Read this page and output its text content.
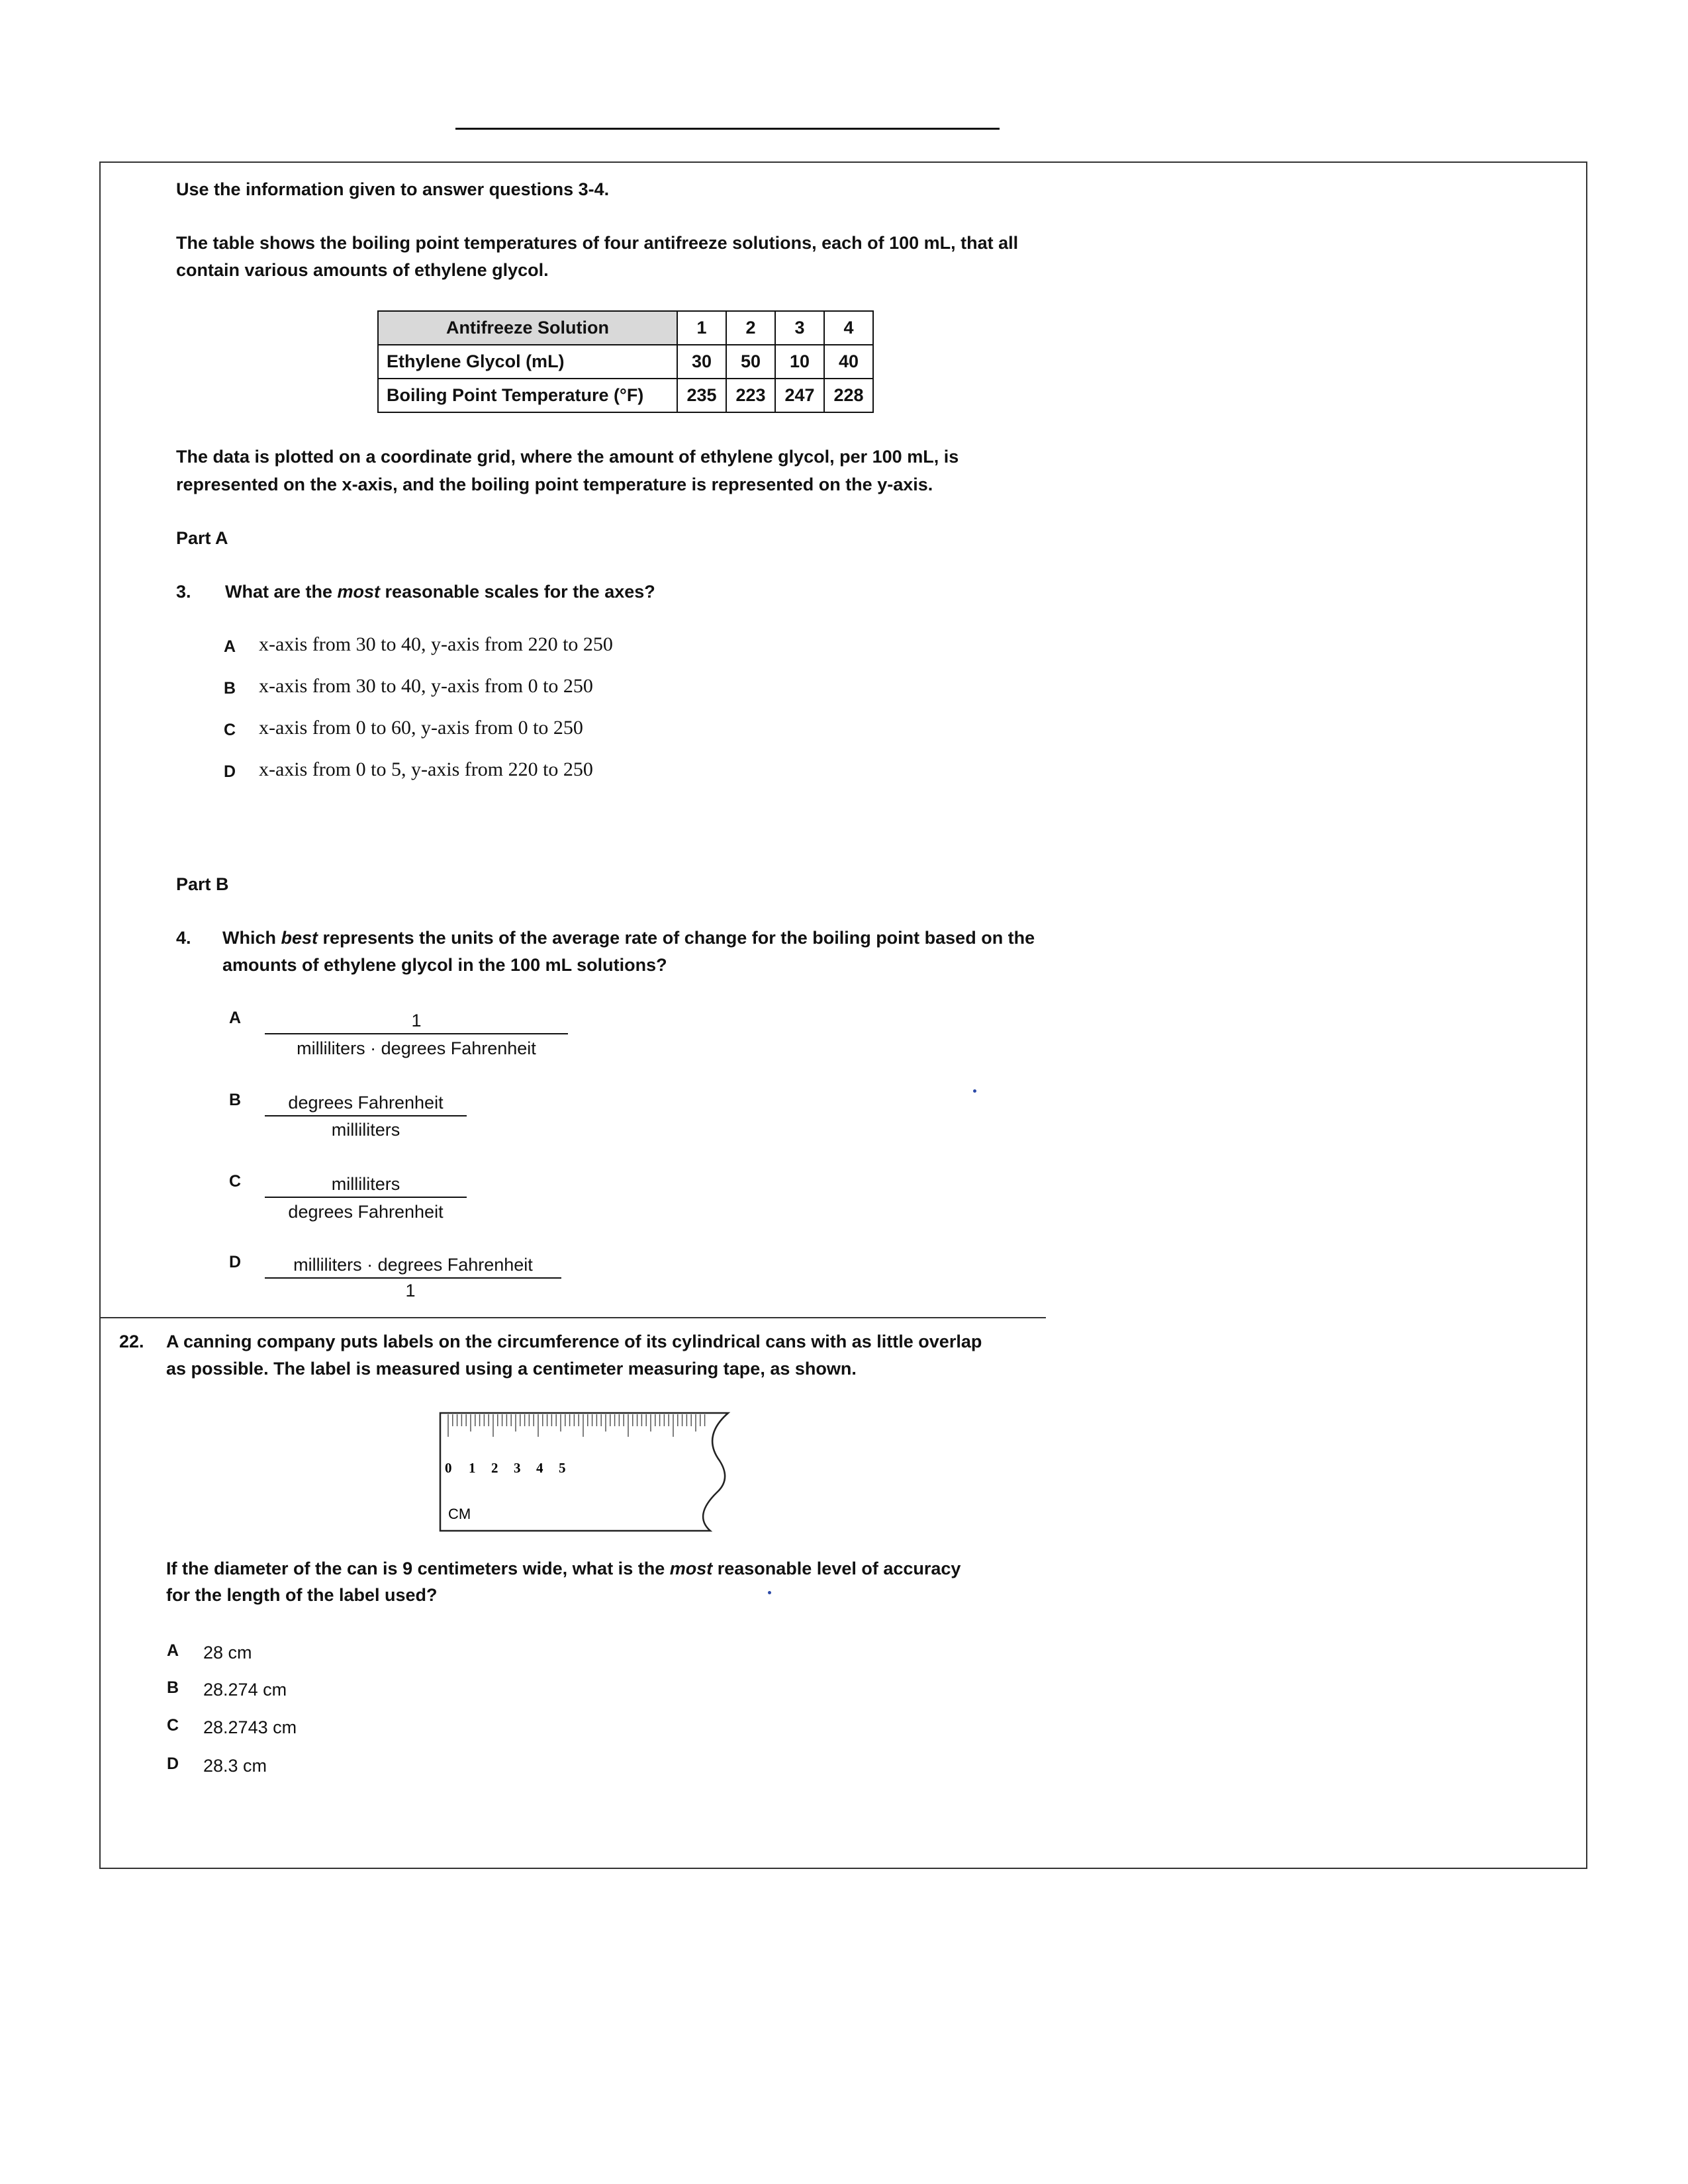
Use the information given to answer questions 3-4.
The table shows the boiling point temperatures of four antifreeze solutions, each of 100 mL, that all
contain various amounts of ethylene glycol.
Antifreeze Solution	1	2	3	4
Ethylene Glycol (mL)	30	50	10	40
Boiling Point Temperature (°F)	235	223	247	228
The data is plotted on a coordinate grid, where the amount of ethylene glycol, per 100 mL, is
represented on the x-axis, and the boiling point temperature is represented on the y-axis.
Part A
3. What are the most reasonable scales for the axes?
A x-axis from 30 to 40, y-axis from 220 to 250
B x-axis from 30 to 40, y-axis from 0 to 250
C x-axis from 0 to 60, y-axis from 0 to 250
D x-axis from 0 to 5, y-axis from 220 to 250
Part B
4. Which best represents the units of the average rate of change for the boiling point based on the
amounts of ethylene glycol in the 100 mL solutions?
A	1
milliliters · degrees Fahrenheit
B	degrees Fahrenheit
milliliters
C	milliliters
degrees Fahrenheit
D	milliliters · degrees Fahrenheit
1
22. A canning company puts labels on the circumference of its cylindrical cans with as little overlap
as possible. The label is measured using a centimeter measuring tape, as shown.
0 1 2 3 4 5
CM
If the diameter of the can is 9 centimeters wide, what is the most reasonable level of accuracy
for the length of the label used?
A 28 cm
B 28.274 cm
C 28.2743 cm
D 28.3 cm
